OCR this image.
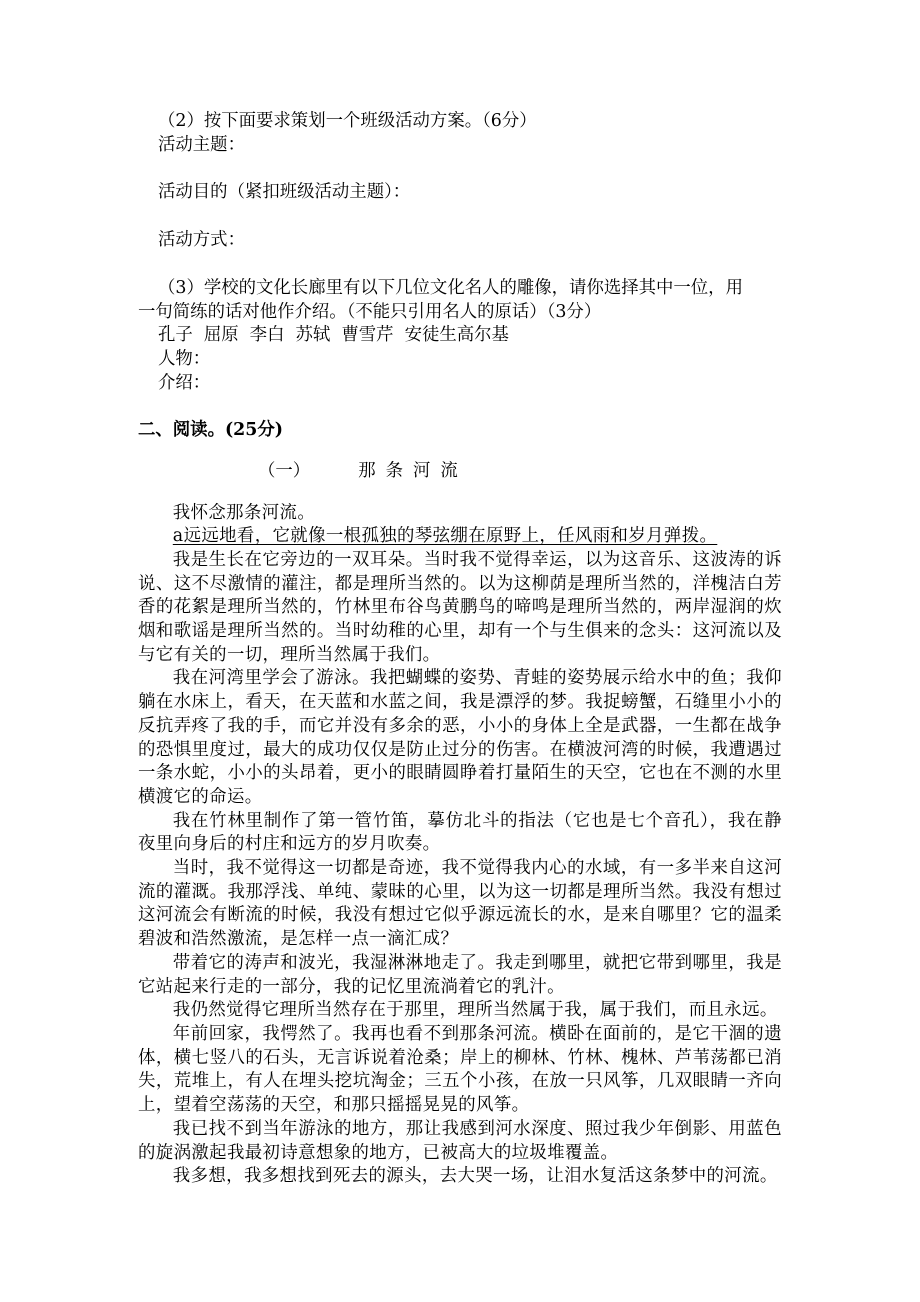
（2）按下面要求策划一个班级活动方案。（6分）

活动主题：

活动目的（紧扣班级活动主题）：

活动方式：

（3）学校的文化长廊里有以下几位文化名人的雕像，请你选择其中一位，用

一句简练的话对他作介绍。（不能只引用名人的原话）（3分）

孔子  屈原  李白  苏轼  曹雪芹  安徒生高尔基

人物：

介绍：

二、阅读。(25分)

（一）	那条河流

我怀念那条河流。

a远远地看，它就像一根孤独的琴弦绷在原野上，任风雨和岁月弹拨。

我是生长在它旁边的一双耳朵。当时我不觉得幸运，以为这音乐、这波涛的诉说、这不尽激情的灌注，都是理所当然的。以为这柳荫是理所当然的，洋槐洁白芳香的花絮是理所当然的，竹林里布谷鸟黄鹏鸟的啼鸣是理所当然的，两岸湿润的炊烟和歌谣是理所当然的。当时幼稚的心里，却有一个与生俱来的念头：这河流以及与它有关的一切，理所当然属于我们。

我在河湾里学会了游泳。我把蝴蝶的姿势、青蛙的姿势展示给水中的鱼；我仰躺在水床上，看天，在天蓝和水蓝之间，我是漂浮的梦。我捉螃蟹，石缝里小小的反抗弄疼了我的手，而它并没有多余的恶，小小的身体上全是武器，一生都在战争的恐惧里度过，最大的成功仅仅是防止过分的伤害。在横波河湾的时候，我遭遇过一条水蛇，小小的头昂着，更小的眼睛圆睁着打量陌生的天空，它也在不测的水里横渡它的命运。

我在竹林里制作了第一管竹笛，摹仿北斗的指法（它也是七个音孔），我在静夜里向身后的村庄和远方的岁月吹奏。

当时，我不觉得这一切都是奇迹，我不觉得我内心的水域，有一多半来自这河流的灌溉。我那浮浅、单纯、蒙昧的心里，以为这一切都是理所当然。我没有想过这河流会有断流的时候，我没有想过它似乎源远流长的水，是来自哪里？它的温柔碧波和浩然激流，是怎样一点一滴汇成？

带着它的涛声和波光，我湿淋淋地走了。我走到哪里，就把它带到哪里，我是它站起来行走的一部分，我的记忆里流淌着它的乳汁。

我仍然觉得它理所当然存在于那里，理所当然属于我，属于我们，而且永远。

年前回家，我愕然了。我再也看不到那条河流。横卧在面前的，是它干涸的遗体，横七竖八的石头，无言诉说着沧桑；岸上的柳林、竹林、槐林、芦苇荡都已消失，荒堆上，有人在埋头挖坑淘金；三五个小孩，在放一只风筝，几双眼睛一齐向上，望着空荡荡的天空，和那只摇摇晃晃的风筝。

我已找不到当年游泳的地方，那让我感到河水深度、照过我少年倒影、用蓝色的旋涡激起我最初诗意想象的地方，已被高大的垃圾堆覆盖。

我多想，我多想找到死去的源头，去大哭一场，让泪水复活这条梦中的河流。
